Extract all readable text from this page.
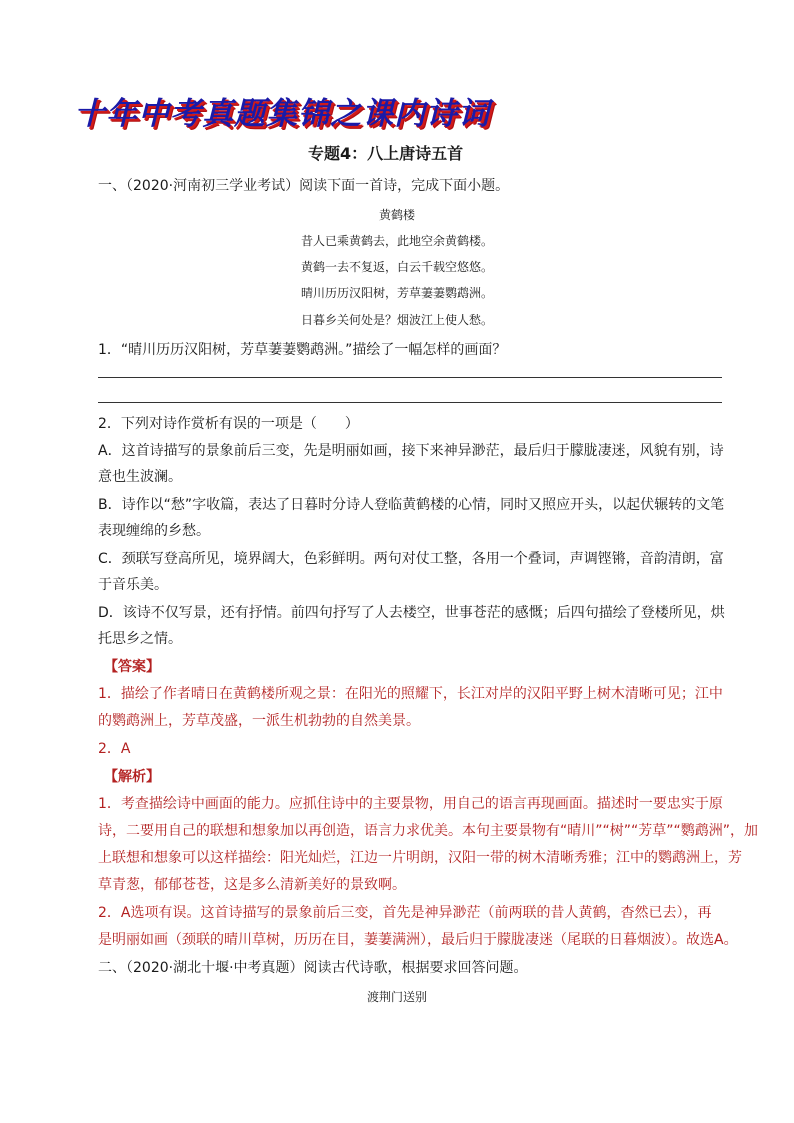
十年中考真题集锦之课内诗词
专题4：八上唐诗五首
一、（2020·河南初三学业考试）阅读下面一首诗，完成下面小题。
黄鹤楼
昔人已乘黄鹤去，此地空余黄鹤楼。
黄鹤一去不复返，白云千载空悠悠。
晴川历历汉阳树，芳草萋萋鹦鹉洲。
日暮乡关何处是？烟波江上使人愁。
1．“晴川历历汉阳树，芳草萋萋鹦鹉洲。”描绘了一幅怎样的画面？
2．下列对诗作赏析有误的一项是（　　）
A．这首诗描写的景象前后三变，先是明丽如画，接下来神异渺茫，最后归于朦胧凄迷，风貌有别，诗
意也生波澜。
B．诗作以“愁”字收篇，表达了日暮时分诗人登临黄鹤楼的心情，同时又照应开头，以起伏辗转的文笔
表现缠绵的乡愁。
C．颈联写登高所见，境界阔大，色彩鲜明。两句对仗工整，各用一个叠词，声调铿锵，音韵清朗，富
于音乐美。
D．该诗不仅写景，还有抒情。前四句抒写了人去楼空，世事苍茫的感慨；后四句描绘了登楼所见，烘
托思乡之情。
【答案】
1．描绘了作者晴日在黄鹤楼所观之景：在阳光的照耀下，长江对岸的汉阳平野上树木清晰可见；江中
的鹦鹉洲上，芳草茂盛，一派生机勃勃的自然美景。
2．A
【解析】
1．考查描绘诗中画面的能力。应抓住诗中的主要景物，用自己的语言再现画面。描述时一要忠实于原
诗，二要用自己的联想和想象加以再创造，语言力求优美。本句主要景物有“晴川”“树”“芳草”“鹦鹉洲”，加
上联想和想象可以这样描绘：阳光灿烂，江边一片明朗，汉阳一带的树木清晰秀雅；江中的鹦鹉洲上，芳
草青葱，郁郁苍苍，这是多么清新美好的景致啊。
2．A选项有误。这首诗描写的景象前后三变，首先是神异渺茫（前两联的昔人黄鹤，杳然已去），再
是明丽如画（颈联的晴川草树，历历在目，萋萋满洲），最后归于朦胧凄迷（尾联的日暮烟波）。故选A。
二、（2020·湖北十堰·中考真题）阅读古代诗歌，根据要求回答问题。
渡荆门送别
